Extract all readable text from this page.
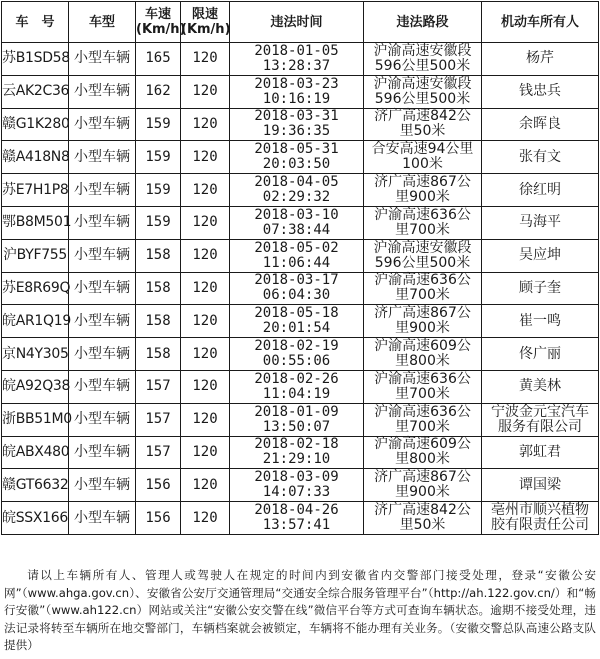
车　号	车型	车速
(Km/h)	限速
(Km/h)	违法时间	违法路段	机动车所有人
苏B1SD58	小型车辆	165	120	2018-01-05
13:28:37	沪渝高速安徽段
596公里500米	杨芹

云AK2C36	小型车辆	162	120	2018-03-23
10:16:19	沪渝高速安徽段
596公里500米	钱忠兵

赣G1K280	小型车辆	159	120	2018-03-31
19:36:35	济广高速842公
里50米	余晖良

赣A418N8	小型车辆	159	120	2018-05-31
20:03:50	合安高速94公里
100米	张有文

苏E7H1P8	小型车辆	159	120	2018-04-05
02:29:32	济广高速867公
里900米	徐红明

鄂B8M501	小型车辆	159	120	2018-03-10
07:38:44	沪渝高速636公
里700米	马海平

沪BYF755	小型车辆	158	120	2018-05-02
11:06:44	沪渝高速安徽段
596公里500米	吴应坤

苏E8R69Q	小型车辆	158	120	2018-03-17
06:04:30	沪渝高速636公
里700米	顾子奎

皖AR1Q19	小型车辆	158	120	2018-05-18
20:01:54	济广高速867公
里900米	崔一鸣

京N4Y305	小型车辆	158	120	2018-02-19
00:55:06	沪渝高速609公
里800米	佟广丽

皖A92Q38	小型车辆	157	120	2018-02-26
11:04:19	沪渝高速636公
里700米	黄美林

浙BB51M0	小型车辆	157	120	2018-01-09
13:50:07	沪渝高速636公
里700米	宁波金元宝汽车
服务有限公司

皖ABX480	小型车辆	157	120	2018-02-18
21:29:10	沪渝高速609公
里800米	郭虹君

赣GT6632	小型车辆	156	120	2018-03-09
14:07:33	济广高速867公
里900米	谭国梁

皖SSX166	小型车辆	156	120	2018-04-26
13:57:41	济广高速842公
里50米	亳州市顺兴植物
胶有限责任公司
请以上车辆所有人、管理人或驾驶人在规定的时间内到安徽省内交警部门接受处理，登录“安徽公安网”（www.ahga.gov.cn）、安徽省公安厅交通管理局“交通安全综合服务管理平台”（http://ah.122.gov.cn/）和“畅行安徽”（www.ah122.cn）网站或关注“安徽公安交警在线”微信平台等方式可查询车辆状态。逾期不接受处理，违法记录将转至车辆所在地交警部门，车辆档案就会被锁定，车辆将不能办理有关业务。（安徽交警总队高速公路支队提供）
